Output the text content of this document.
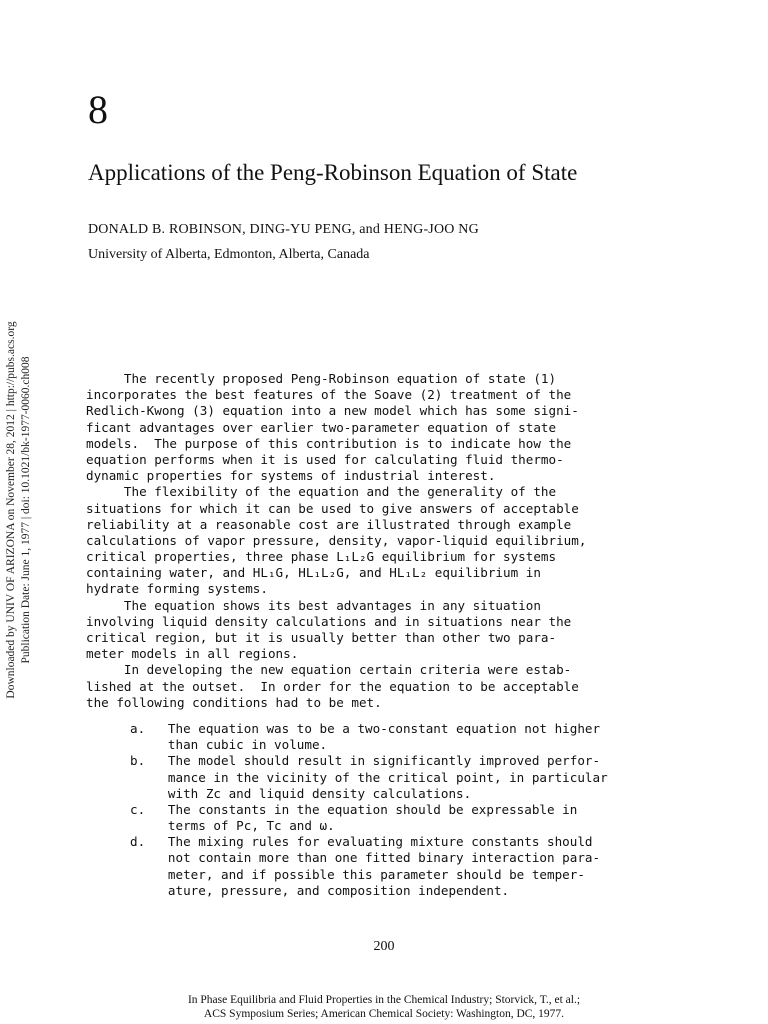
8
Applications of the Peng-Robinson Equation of State
DONALD B. ROBINSON, DING-YU PENG, and HENG-JOO NG
University of Alberta, Edmonton, Alberta, Canada
Downloaded by UNIV OF ARIZONA on November 28, 2012 | http://pubs.acs.org Publication Date: June 1, 1977 | doi: 10.1021/bk-1977-0060.ch008	The recently proposed Peng-Robinson equation of state (1)
incorporates the best features of the Soave (2) treatment of the
Redlich-Kwong (3) equation into a new model which has some signi-
ficant advantages over earlier two-parameter equation of state
models.  The purpose of this contribution is to indicate how the
equation performs when it is used for calculating fluid thermo-
dynamic properties for systems of industrial interest.
The flexibility of the equation and the generality of the
situations for which it can be used to give answers of acceptable
reliability at a reasonable cost are illustrated through example
calculations of vapor pressure, density, vapor-liquid equilibrium,
critical properties, three phase L₁L₂G equilibrium for systems
containing water, and HL₁G, HL₁L₂G, and HL₁L₂ equilibrium in
hydrate forming systems.
The equation shows its best advantages in any situation
involving liquid density calculations and in situations near the
critical region, but it is usually better than other two para-
meter models in all regions.
In developing the new equation certain criteria were estab-
lished at the outset.  In order for the equation to be acceptable
the following conditions had to be met.
a.   The equation was to be a two-constant equation not higher
than cubic in volume.
b.   The model should result in significantly improved perfor-
mance in the vicinity of the critical point, in particular
with Zc and liquid density calculations.
c.   The constants in the equation should be expressable in
terms of Pc, Tc and ω.
d.   The mixing rules for evaluating mixture constants should
not contain more than one fitted binary interaction para-
meter, and if possible this parameter should be temper-
ature, pressure, and composition independent.
200
In Phase Equilibria and Fluid Properties in the Chemical Industry; Storvick, T., et al.;
ACS Symposium Series; American Chemical Society: Washington, DC, 1977.
